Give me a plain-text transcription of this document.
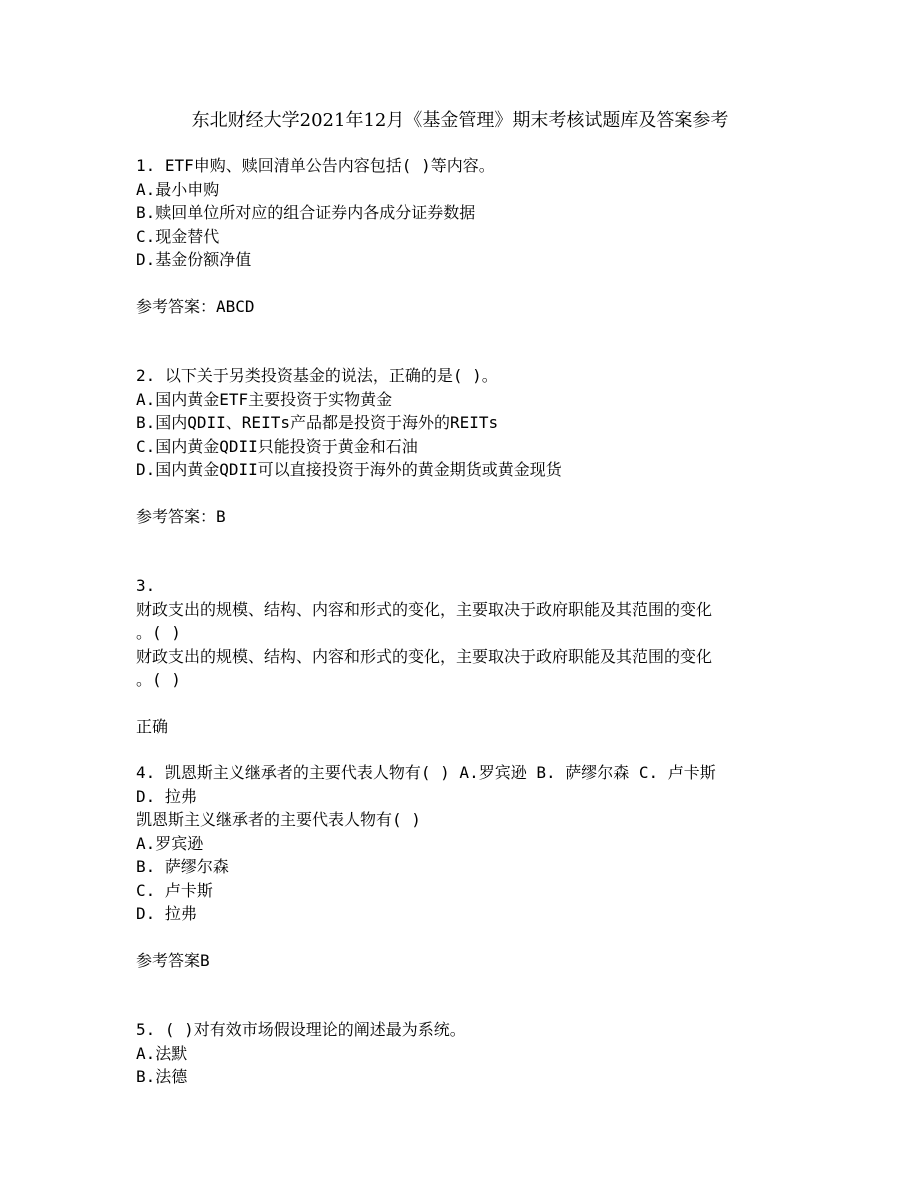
东北财经大学2021年12月《基金管理》期末考核试题库及答案参考
1. ETF申购、赎回清单公告内容包括( )等内容。
A.最小申购
B.赎回单位所对应的组合证券内各成分证券数据
C.现金替代
D.基金份额净值
参考答案：ABCD
2. 以下关于另类投资基金的说法，正确的是( )。
A.国内黄金ETF主要投资于实物黄金
B.国内QDII、REITs产品都是投资于海外的REITs
C.国内黄金QDII只能投资于黄金和石油
D.国内黄金QDII可以直接投资于海外的黄金期货或黄金现货
参考答案：B
3.
财政支出的规模、结构、内容和形式的变化，主要取决于政府职能及其范围的变化
。( )
财政支出的规模、结构、内容和形式的变化，主要取决于政府职能及其范围的变化
。( )
正确
4. 凯恩斯主义继承者的主要代表人物有( ) A.罗宾逊 B. 萨缪尔森 C. 卢卡斯
D. 拉弗
凯恩斯主义继承者的主要代表人物有( )
A.罗宾逊
B. 萨缪尔森
C. 卢卡斯
D. 拉弗
参考答案B
5. ( )对有效市场假设理论的阐述最为系统。
A.法默
B.法德
